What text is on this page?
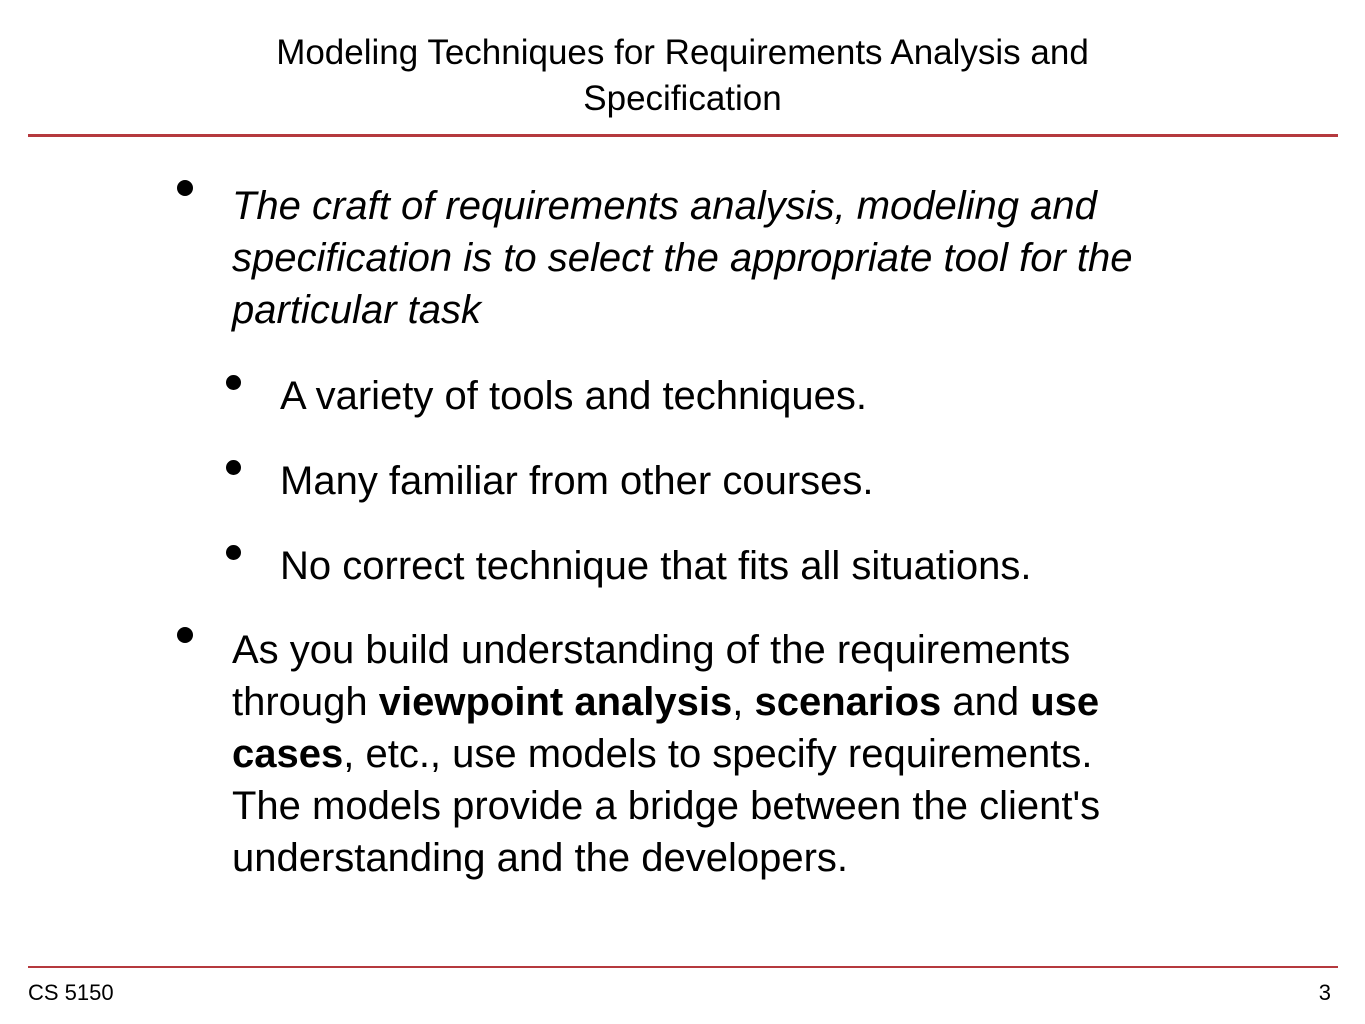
Modeling Techniques for Requirements Analysis and
Specification
The craft of requirements analysis, modeling and
specification is to select the appropriate tool for the
particular task
A variety of tools and techniques.
Many familiar from other courses.
No correct technique that fits all situations.
As you build understanding of the requirements
through viewpoint analysis, scenarios and use
cases, etc., use models to specify requirements.
The models provide a bridge between the client's
understanding and the developers.
CS 5150	3
